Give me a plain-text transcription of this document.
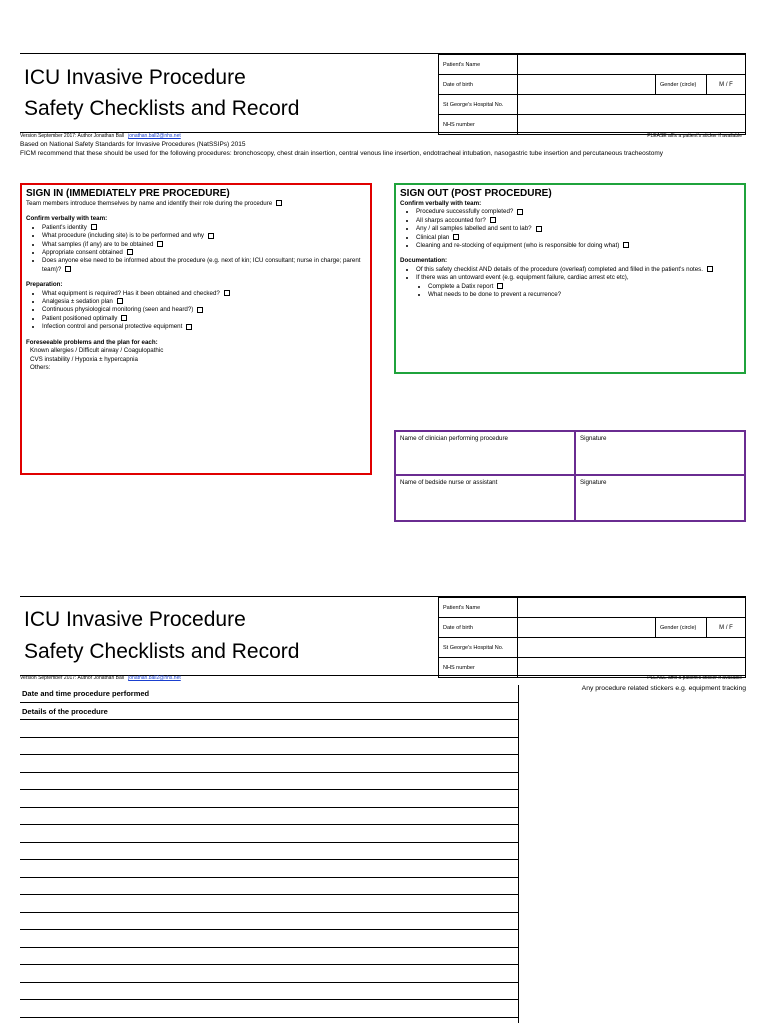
ICU Invasive Procedure
Safety Checklists and Record
Patient's Name			
Date of birth		Gender (circle)	M / F
St George's Hospital No.			
NHS number			
Version September 2017: Author Jonathan Ball jonathan.ball2@nhs.net	PLEASE affix a patient's sticker if available
Based on National Safety Standards for Invasive Procedures (NatSSIPs) 2015
FICM recommend that these should be used for the following procedures: bronchoscopy, chest drain insertion, central venous line insertion, endotracheal intubation, nasogastric tube insertion and percutaneous tracheostomy
SIGN IN (IMMEDIATELY PRE PROCEDURE)
Team members introduce themselves by name and identify their role during the procedure
Confirm verbally with team:
• Patient's identity
• What procedure (including site) is to be performed and why
• What samples (if any) are to be obtained
• Appropriate consent obtained
• Does anyone else need to be informed about the procedure (e.g. next of kin; ICU consultant; nurse in charge; parent team)?
Preparation:
• What equipment is required? Has it been obtained and checked?
• Analgesia ± sedation plan
• Continuous physiological monitoring (seen and heard?)
• Patient positioned optimally
• Infection control and personal protective equipment
Foreseeable problems and the plan for each:
Known allergies / Difficult airway / Coagulopathic
CVS instability / Hypoxia ± hypercapnia
Others:
SIGN OUT (POST PROCEDURE)
Confirm verbally with team:
• Procedure successfully completed?
• All sharps accounted for?
• Any / all samples labelled and sent to lab?
• Clinical plan
• Cleaning and re-stocking of equipment (who is responsible for doing what)
Documentation:
• Of this safety checklist AND details of the procedure (overleaf) completed and filled in the patient's notes.
• If there was an untoward event (e.g. equipment failure, cardiac arrest etc etc),
• Complete a Datix report
• What needs to be done to prevent a recurrence?
Name of clinician performing procedure	Signature
Name of bedside nurse or assistant	Signature
ICU Invasive Procedure
Safety Checklists and Record
Patient's Name			
Date of birth		Gender (circle)	M / F
St George's Hospital No.			
NHS number			
Version September 2017: Author Jonathan Ball jonathan.ball2@nhs.net	PLEASE affix a patient's sticker if available
Date and time procedure performed
Details of the procedure
Any procedure related stickers e.g. equipment tracking
